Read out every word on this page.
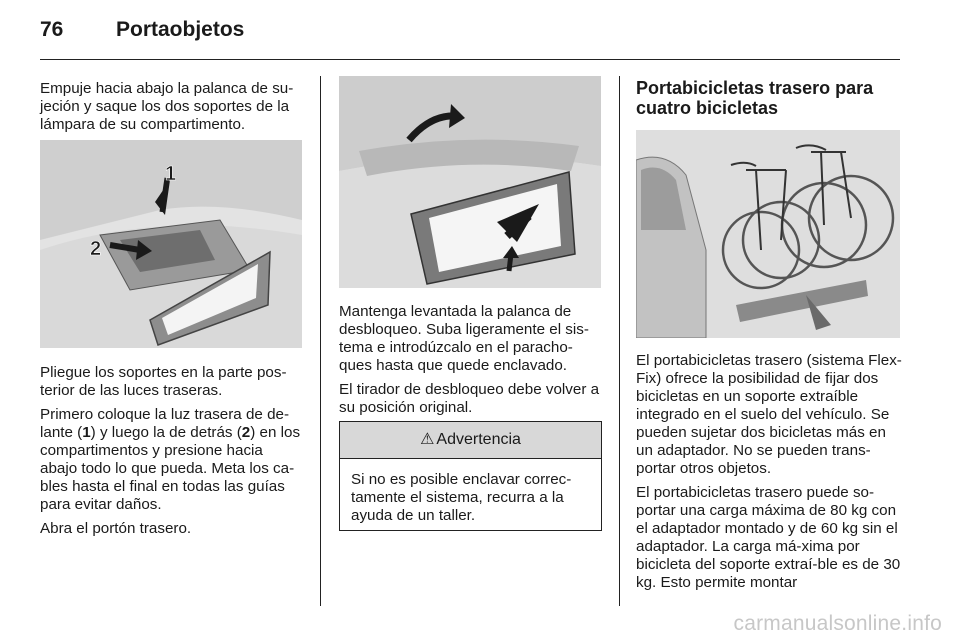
76	Portaobjetos

Empuje hacia abajo la palanca de su-jeción y saque los dos soportes de la lámpara de su compartimento.

1
2

Pliegue los soportes en la parte pos-terior de las luces traseras.

Primero coloque la luz trasera de de-lante (1) y luego la de detrás (2) en los compartimentos y presione hacia abajo todo lo que pueda. Meta los ca-bles hasta el final en todas las guías para evitar daños.

Abra el portón trasero.

Mantenga levantada la palanca de desbloqueo. Suba ligeramente el sis-tema e introdúzcalo en el paracho-ques hasta que quede enclavado.

El tirador de desbloqueo debe volver a su posición original.

⚠ Advertencia
Si no es posible enclavar correc-tamente el sistema, recurra a la ayuda de un taller.
Portabicicletas trasero para cuatro bicicletas

El portabicicletas trasero (sistema Flex-Fix) ofrece la posibilidad de fijar dos bicicletas en un soporte extraíble integrado en el suelo del vehículo. Se pueden sujetar dos bicicletas más en un adaptador. No se pueden trans-portar otros objetos.

El portabicicletas trasero puede so-portar una carga máxima de 80 kg con el adaptador montado y de 60 kg sin el adaptador. La carga má-xima por bicicleta del soporte extraí-ble es de 30 kg. Esto permite montar

carmanualsonline.info
